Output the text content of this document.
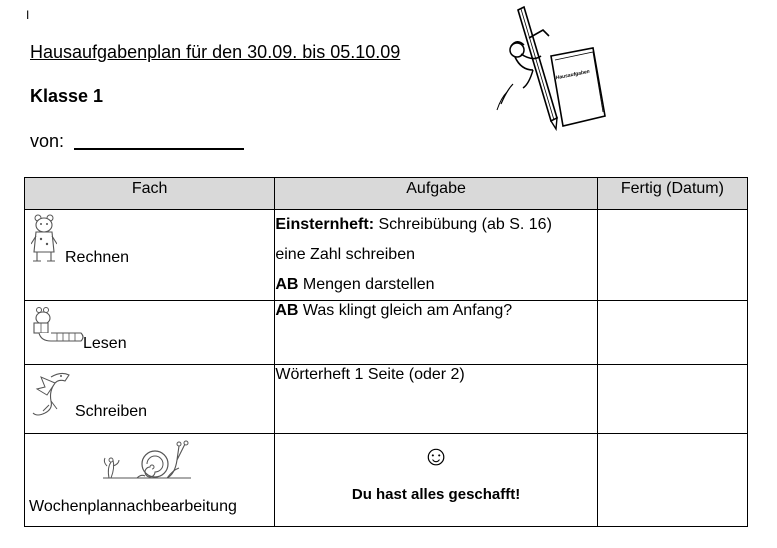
I
Hausaufgabenplan für den 30.09. bis 05.10.09
Klasse 1
von:
Hausaufgaben
Fach	Aufgabe	Fertig (Datum)

Rechnen	Einsternheft: Schreibübung (ab S. 16)
eine Zahl schreiben
AB Mengen darstellen	

Lesen	AB Was klingt gleich am Anfang?	

Schreiben	Wörterheft 1 Seite (oder 2)	

Wochenplannachbearbeitung	☺
Du hast alles geschafft!	
